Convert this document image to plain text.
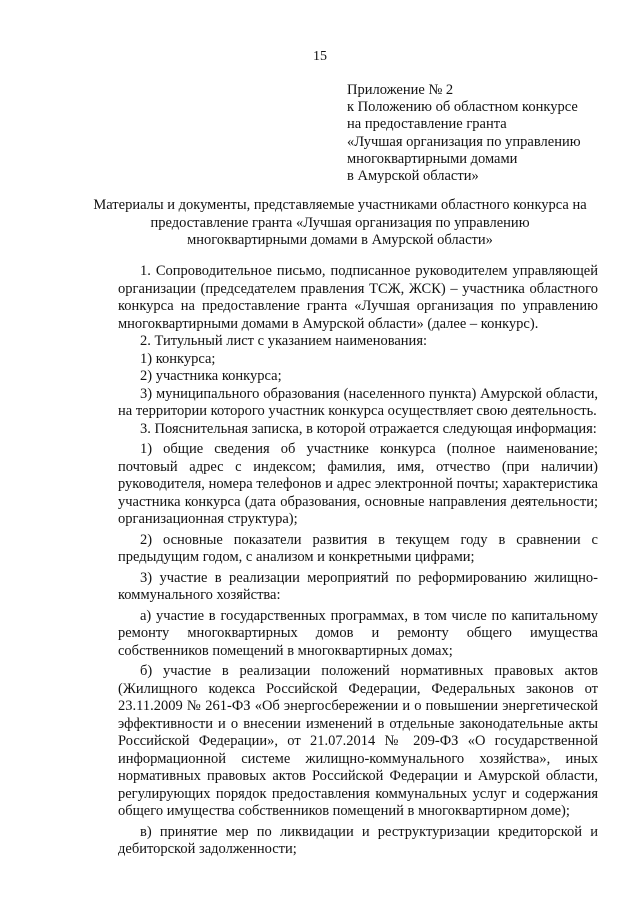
15
Приложение № 2
к Положению об областном конкурсе
на предоставление гранта
«Лучшая организация по управлению
многоквартирными домами
в Амурской области»
Материалы и документы, представляемые участниками областного конкурса на
предоставление гранта «Лучшая организация по управлению
многоквартирными домами в Амурской области»

1. Сопроводительное письмо, подписанное руководителем управляющей организации (председателем правления ТСЖ, ЖСК) – участника областного конкурса на предоставление гранта «Лучшая организация по управлению многоквартирными домами в Амурской области» (далее – конкурс).

2. Титульный лист с указанием наименования:

1) конкурса;

2) участника конкурса;

3) муниципального образования (населенного пункта) Амурской области, на территории которого участник конкурса осуществляет свою деятельность.

3. Пояснительная записка, в которой отражается следующая информация:

1) общие сведения об участнике конкурса (полное наименование; почтовый адрес с индексом; фамилия, имя, отчество (при наличии) руководителя, номера телефонов и адрес электронной почты; характеристика участника конкурса (дата образования, основные направления деятельности; организационная структура);

2) основные показатели развития в текущем году в сравнении с предыдущим годом, с анализом и конкретными цифрами;

3) участие в реализации мероприятий по реформированию жилищно-коммунального хозяйства:

а) участие в государственных программах, в том числе по капитальному ремонту многоквартирных домов и ремонту общего имущества собственников помещений в многоквартирных домах;

б) участие в реализации положений нормативных правовых актов (Жилищного кодекса Российской Федерации, Федеральных законов от 23.11.2009 № 261-ФЗ «Об энергосбережении и о повышении энергетической эффективности и о внесении изменений в отдельные законодательные акты Российской Федерации», от 21.07.2014 № 209-ФЗ «О государственной информационной системе жилищно-коммунального хозяйства», иных нормативных правовых актов Российской Федерации и Амурской области, регулирующих порядок предоставления коммунальных услуг и содержания общего имущества собственников помещений в многоквартирном доме);

в) принятие мер по ликвидации и реструктуризации кредиторской и дебиторской задолженности;
